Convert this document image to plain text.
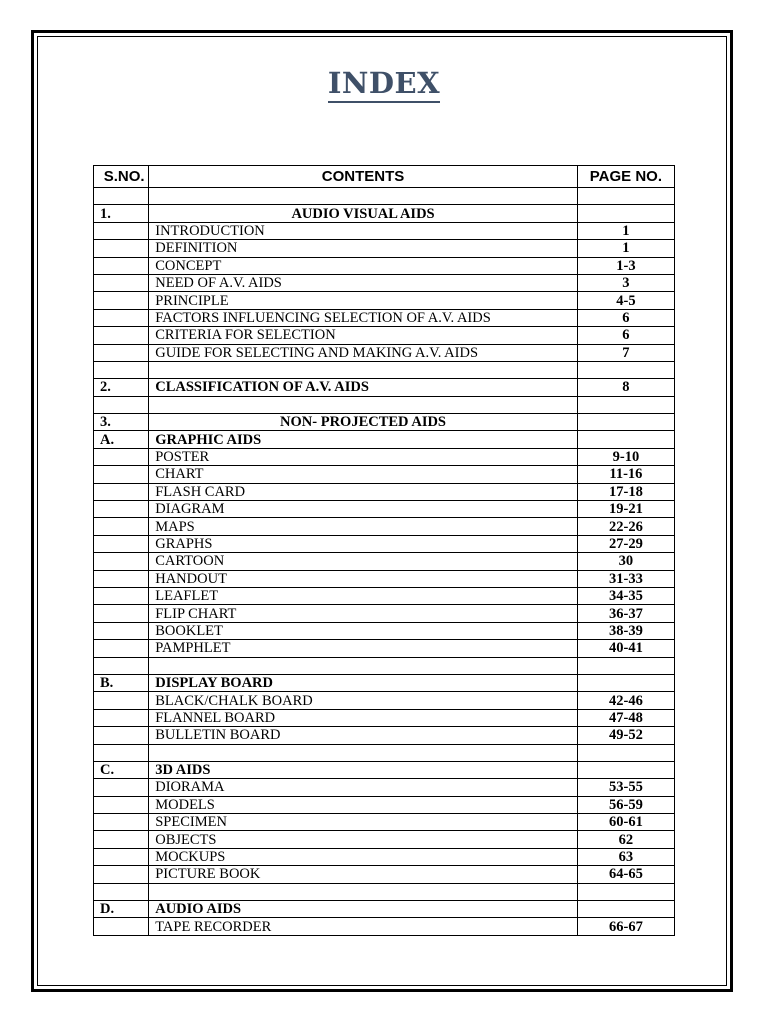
INDEX
S.NO.	CONTENTS	PAGE NO.

1.	AUDIO VISUAL AIDS	
	INTRODUCTION	1
	DEFINITION	1
	CONCEPT	1-3
	NEED OF A.V. AIDS	3
	PRINCIPLE	4-5
	FACTORS INFLUENCING SELECTION OF A.V. AIDS	6
	CRITERIA FOR SELECTION	6
	GUIDE FOR SELECTING AND MAKING A.V. AIDS	7

2.	CLASSIFICATION OF A.V. AIDS	8

3.	NON- PROJECTED AIDS	
A.	GRAPHIC AIDS	
	POSTER	9-10
	CHART	11-16
	FLASH CARD	17-18
	DIAGRAM	19-21
	MAPS	22-26
	GRAPHS	27-29
	CARTOON	30
	HANDOUT	31-33
	LEAFLET	34-35
	FLIP CHART	36-37
	BOOKLET	38-39
	PAMPHLET	40-41

B.	DISPLAY BOARD	
	BLACK/CHALK BOARD	42-46
	FLANNEL BOARD	47-48
	BULLETIN BOARD	49-52

C.	3D AIDS	
	DIORAMA	53-55
	MODELS	56-59
	SPECIMEN	60-61
	OBJECTS	62
	MOCKUPS	63
	PICTURE BOOK	64-65

D.	AUDIO AIDS	
	TAPE RECORDER	66-67
